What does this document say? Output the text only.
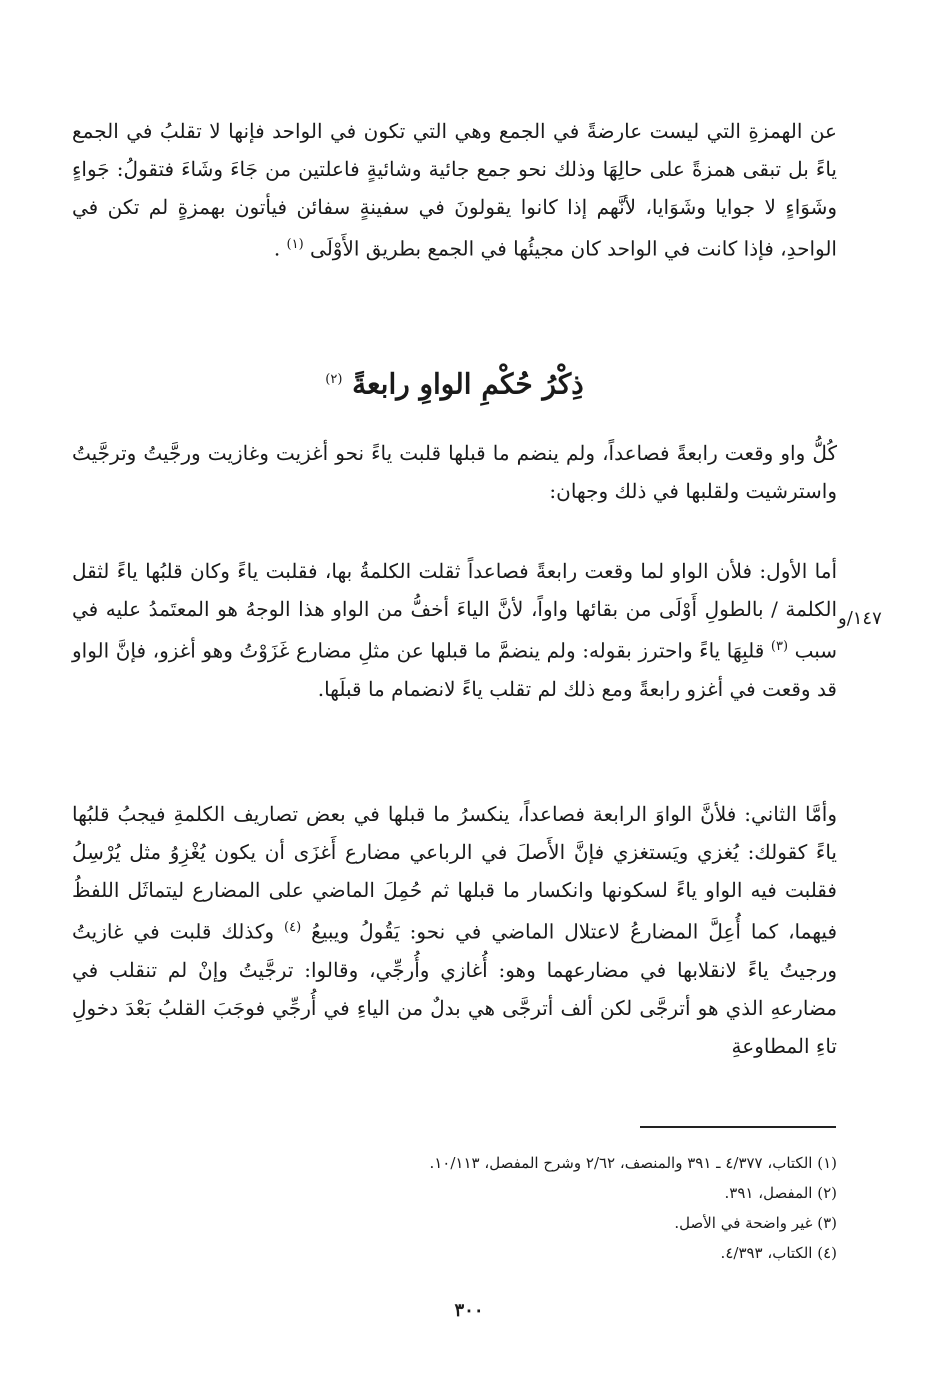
عن الهمزةِ التي ليست عارضةً في الجمع وهي التي تكون في الواحد فإنها لا تقلبُ في الجمع ياءً بل تبقى همزةً على حالِهَا وذلك نحو جمع جائية وشائيةٍ فاعلتين من جَاءَ وشَاءَ فتقولُ: جَواءٍ وشَوَاءٍ لا جوايا وشَوَايا، لأنَّهم إذا كانوا يقولونَ في سفينةٍ سفائن فيأتون بهمزةٍ لم تكن في الواحدِ، فإذا كانت في الواحد كان مجيئُها في الجمع بطريق الأَوْلَى $^{(١)}$ .

ذِكْرُ حُكْمِ الواوِ رابعةً $^{(٢)}$

كُلُّ واو وقعت رابعةً فصاعداً، ولم ينضم ما قبلها قلبت ياءً نحو أغزيت وغازيت ورجَّيتُ وترجَّيتُ واسترشيت ولقلبها في ذلك وجهان:

أما الأول: فلأن الواو لما وقعت رابعةً فصاعداً ثقلت الكلمةُ بها، فقلبت ياءً وكان قلبُها ياءً لثقل الكلمة / بالطولِ أَوْلَى من بقائها واواً، لأنَّ الياءَ أخفُّ من الواو هذا الوجهُ هو المعتَمدُ عليه في سبب $^{(٣)}$ قلبِهَا ياءً واحترز بقوله: ولم ينضمَّ ما قبلها عن مثلِ مضارع غَزَوْتُ وهو أغزو، فإنَّ الواو قد وقعت في أغزو رابعةً ومع ذلك لم تقلب ياءً لانضمام ما قبلَها.

١٤٧/و

وأمَّا الثاني: فلأنَّ الواوَ الرابعة فصاعداً، ينكسرُ ما قبلها في بعض تصاريف الكلمةِ فيجبُ قلبُها ياءً كقولك: يُغزي ويَستغزي فإنَّ الأَصلَ في الرباعي مضارع أَغزَى أن يكون يُغْزِوُ مثل يُرْسِلُ فقلبت فيه الواو ياءً لسكونها وانكسار ما قبلها ثم حُمِلَ الماضي على المضارع ليتماثَل اللفظُ فيهما، كما أُعِلَّ المضارعُ لاعتلال الماضي في نحو: يَقُولُ ويبيعُ $^{(٤)}$ وكذلك قلبت في غازيتُ ورجيتُ ياءً لانقلابها في مضارعهما وهو: أُغازي وأُرجِّي، وقالوا: ترجَّيتُ وإنْ لم تنقلب في مضارعهِ الذي هو أترجَّى لكن ألف أترجَّى هي بدلٌ من الياءِ في أُرجِّي فوجَبَ القلبُ بَعْدَ دخولِ تاءِ المطاوعةِ

(١) الكتاب، ٤/٣٧٧ ـ ٣٩١ والمنصف، ٢/٦٢ وشرح المفصل، ١٠/١١٣.
(٢) المفصل، ٣٩١.
(٣) غير واضحة في الأصل.
(٤) الكتاب، ٤/٣٩٣.
٣٠٠
